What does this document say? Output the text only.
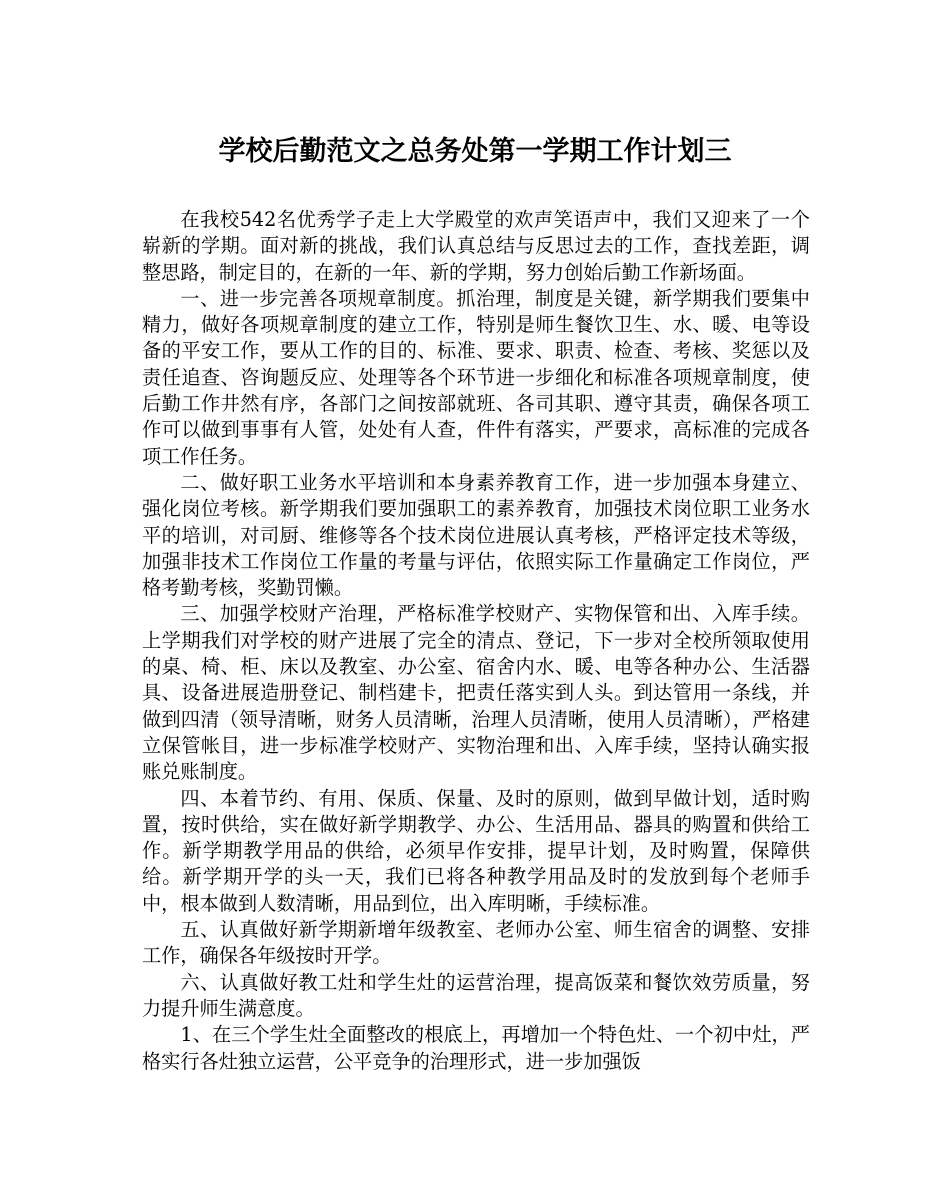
学校后勤范文之总务处第一学期工作计划三

在我校542名优秀学子走上大学殿堂的欢声笑语声中，我们又迎来了一个崭新的学期。面对新的挑战，我们认真总结与反思过去的工作，查找差距，调整思路，制定目的，在新的一年、新的学期，努力创始后勤工作新场面。

一、进一步完善各项规章制度。抓治理，制度是关键，新学期我们要集中精力，做好各项规章制度的建立工作，特别是师生餐饮卫生、水、暖、电等设备的平安工作，要从工作的目的、标准、要求、职责、检查、考核、奖惩以及责任追查、咨询题反应、处理等各个环节进一步细化和标准各项规章制度，使后勤工作井然有序，各部门之间按部就班、各司其职、遵守其责，确保各项工作可以做到事事有人管，处处有人查，件件有落实，严要求，高标准的完成各项工作任务。

二、做好职工业务水平培训和本身素养教育工作，进一步加强本身建立、强化岗位考核。新学期我们要加强职工的素养教育，加强技术岗位职工业务水平的培训，对司厨、维修等各个技术岗位进展认真考核，严格评定技术等级，加强非技术工作岗位工作量的考量与评估，依照实际工作量确定工作岗位，严格考勤考核，奖勤罚懒。

三、加强学校财产治理，严格标准学校财产、实物保管和出、入库手续。上学期我们对学校的财产进展了完全的清点、登记，下一步对全校所领取使用的桌、椅、柜、床以及教室、办公室、宿舍内水、暖、电等各种办公、生活器具、设备进展造册登记、制档建卡，把责任落实到人头。到达管用一条线，并做到四清（领导清晰，财务人员清晰，治理人员清晰，使用人员清晰），严格建立保管帐目，进一步标准学校财产、实物治理和出、入库手续，坚持认确实报账兑账制度。

四、本着节约、有用、保质、保量、及时的原则，做到早做计划，适时购置，按时供给，实在做好新学期教学、办公、生活用品、器具的购置和供给工作。新学期教学用品的供给，必须早作安排，提早计划，及时购置，保障供给。新学期开学的头一天，我们已将各种教学用品及时的发放到每个老师手中，根本做到人数清晰，用品到位，出入库明晰，手续标准。

五、认真做好新学期新增年级教室、老师办公室、师生宿舍的调整、安排工作，确保各年级按时开学。

六、认真做好教工灶和学生灶的运营治理，提高饭菜和餐饮效劳质量，努力提升师生满意度。

1、在三个学生灶全面整改的根底上，再增加一个特色灶、一个初中灶，严格实行各灶独立运营，公平竞争的治理形式，进一步加强饭
